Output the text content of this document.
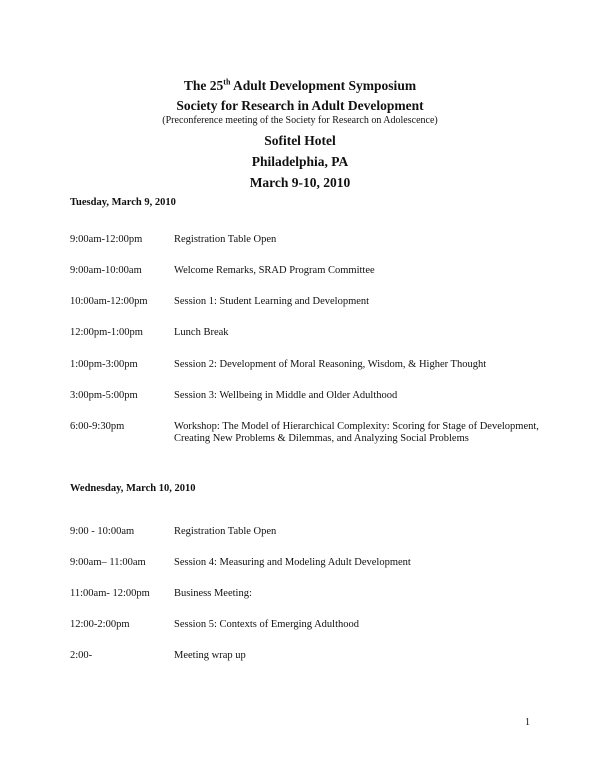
The 25th Adult Development Symposium
Society for Research in Adult Development
(Preconference meeting of the Society for Research on Adolescence)
Sofitel Hotel
Philadelphia, PA
March 9-10, 2010
Tuesday, March 9, 2010
9:00am-12:00pm	Registration Table Open
9:00am-10:00am	Welcome Remarks, SRAD Program Committee
10:00am-12:00pm	Session 1: Student Learning and Development
12:00pm-1:00pm	Lunch Break
1:00pm-3:00pm	Session 2: Development of Moral Reasoning, Wisdom, & Higher Thought
3:00pm-5:00pm	Session 3: Wellbeing in Middle and Older Adulthood
6:00-9:30pm	Workshop: The Model of Hierarchical Complexity: Scoring for Stage of Development, Creating New Problems & Dilemmas, and Analyzing Social Problems
Wednesday, March 10, 2010
9:00 - 10:00am	Registration Table Open
9:00am– 11:00am	Session 4: Measuring and Modeling Adult Development
11:00am- 12:00pm	Business Meeting:
12:00-2:00pm	Session 5: Contexts of Emerging Adulthood
2:00-	Meeting wrap up
1
